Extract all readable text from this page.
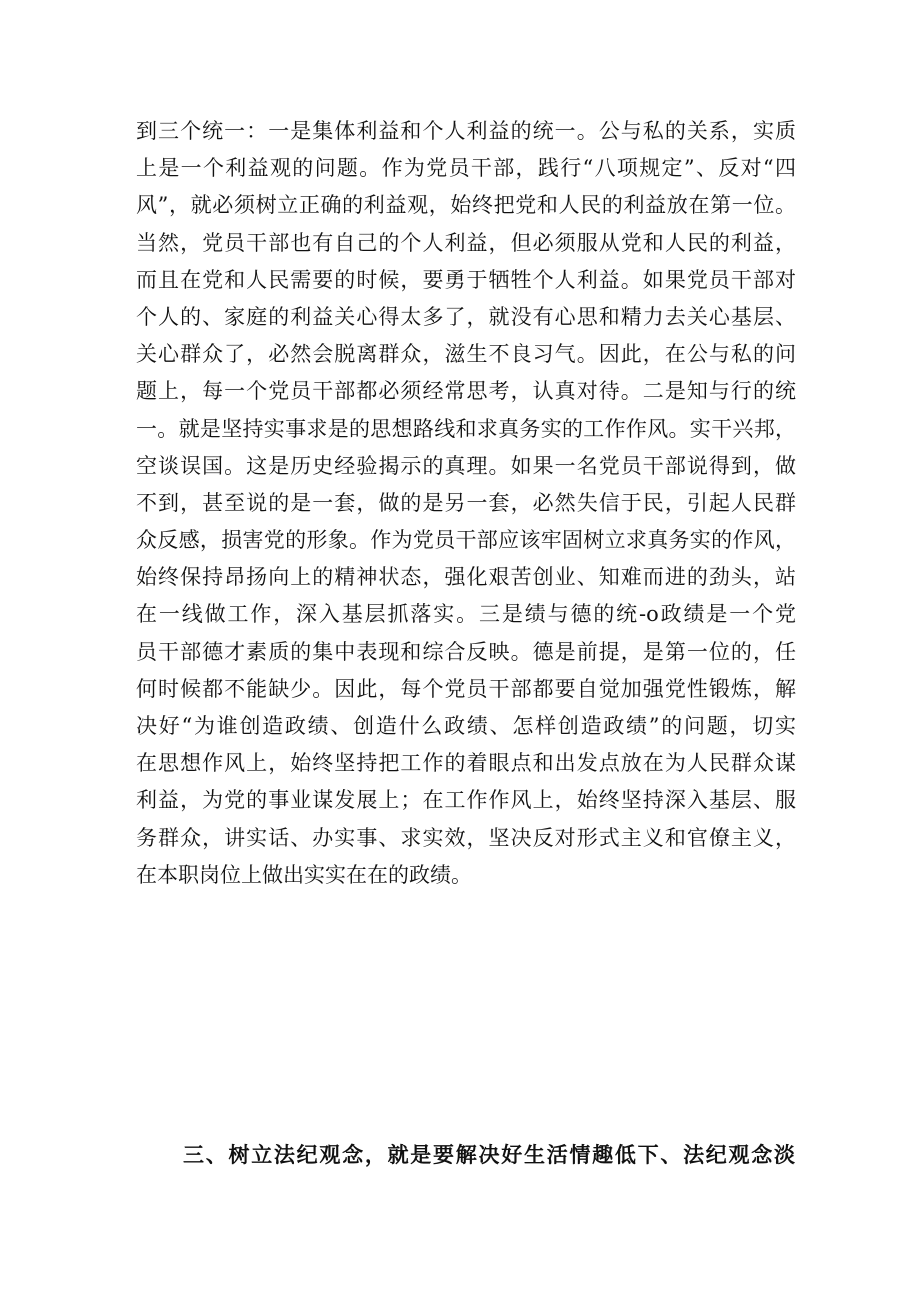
到三个统一：一是集体利益和个人利益的统一。公与私的关系，实质
上是一个利益观的问题。作为党员干部，践行“八项规定”、反对“四
风”，就必须树立正确的利益观，始终把党和人民的利益放在第一位。
当然，党员干部也有自己的个人利益，但必须服从党和人民的利益，
而且在党和人民需要的时候，要勇于牺牲个人利益。如果党员干部对
个人的、家庭的利益关心得太多了，就没有心思和精力去关心基层、
关心群众了，必然会脱离群众，滋生不良习气。因此，在公与私的问
题上，每一个党员干部都必须经常思考，认真对待。二是知与行的统
一。就是坚持实事求是的思想路线和求真务实的工作作风。实干兴邦，
空谈误国。这是历史经验揭示的真理。如果一名党员干部说得到，做
不到，甚至说的是一套，做的是另一套，必然失信于民，引起人民群
众反感，损害党的形象。作为党员干部应该牢固树立求真务实的作风，
始终保持昂扬向上的精神状态，强化艰苦创业、知难而进的劲头，站
在一线做工作，深入基层抓落实。三是绩与德的统-o政绩是一个党
员干部德才素质的集中表现和综合反映。德是前提，是第一位的，任
何时候都不能缺少。因此，每个党员干部都要自觉加强党性锻炼，解
决好“为谁创造政绩、创造什么政绩、怎样创造政绩”的问题，切实
在思想作风上，始终坚持把工作的着眼点和出发点放在为人民群众谋
利益，为党的事业谋发展上；在工作作风上，始终坚持深入基层、服
务群众，讲实话、办实事、求实效，坚决反对形式主义和官僚主义，
在本职岗位上做出实实在在的政绩。
三、树立法纪观念，就是要解决好生活情趣低下、法纪观念淡
